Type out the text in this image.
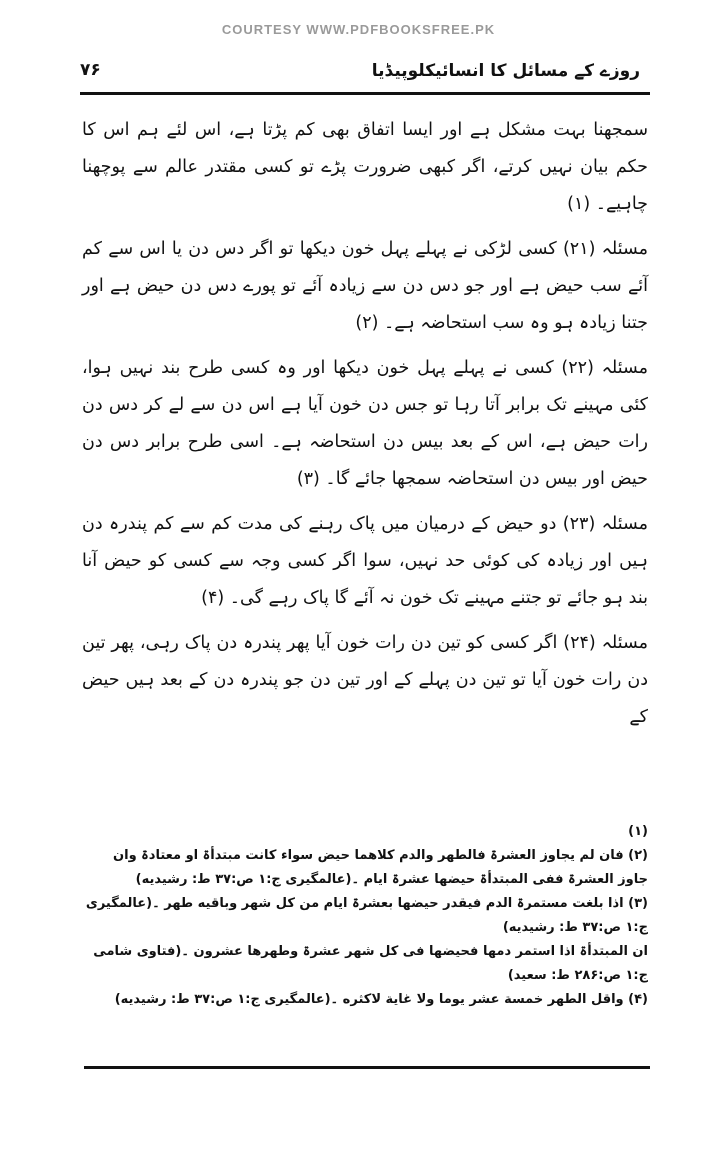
COURTESY WWW.PDFBOOKSFREE.PK
روزے کے مسائل کا انسائیکلوپیڈیا
۷۶

سمجھنا بہت مشکل ہے اور ایسا اتفاق بھی کم پڑتا ہے، اس لئے ہم اس کا حکم بیان نہیں کرتے، اگر کبھی ضرورت پڑے تو کسی مقتدر عالم سے پوچھنا چاہیے۔ (۱)

مسئلہ (۲۱) کسی لڑکی نے پہلے پہل خون دیکھا تو اگر دس دن یا اس سے کم آئے سب حیض ہے اور جو دس دن سے زیادہ آئے تو پورے دس دن حیض ہے اور جتنا زیادہ ہو وہ سب استحاضہ ہے۔ (۲)

مسئلہ (۲۲) کسی نے پہلے پہل خون دیکھا اور وہ کسی طرح بند نہیں ہوا، کئی مہینے تک برابر آتا رہا تو جس دن خون آیا ہے اس دن سے لے کر دس دن رات حیض ہے، اس کے بعد بیس دن استحاضہ ہے۔ اسی طرح برابر دس دن حیض اور بیس دن استحاضہ سمجھا جائے گا۔ (۳)

مسئلہ (۲۳) دو حیض کے درمیان میں پاک رہنے کی مدت کم سے کم پندرہ دن ہیں اور زیادہ کی کوئی حد نہیں، سوا اگر کسی وجہ سے کسی کو حیض آنا بند ہو جائے تو جتنے مہینے تک خون نہ آئے گا پاک رہے گی۔ (۴)

مسئلہ (۲۴) اگر کسی کو تین دن رات خون آیا پھر پندرہ دن پاک رہی، پھر تین دن رات خون آیا تو تین دن پہلے کے اور تین دن جو پندرہ دن کے بعد ہیں حیض کے

(۱)

(۲) فان لم یجاوز العشرۃ فالطهر والدم کلاهما حیض سواء کانت مبتدأۃ او معتادۃ وان جاوز العشرۃ ففی المبتدأۃ حیضها عشرۃ ایام ۔(عالمگیری ج:۱ ص:۳۷ ط: رشیدیه)

(۳) اذا بلغت مستمرۃ الدم فیقدر حیضها بعشرۃ ایام من کل شهر وباقیه طهر ۔(عالمگیری ج:۱ ص:۳۷ ط: رشیدیه)

ان المبتدأۃ اذا استمر دمها فحیضها فی کل شهر عشرۃ وطهرها عشرون ۔(فتاوی شامی ج:۱ ص:۲۸۶ ط: سعید)

(۴) واقل الطهر خمسة عشر یوما ولا غایة لاکثره ۔(عالمگیری ج:۱ ص:۳۷ ط: رشیدیه)
